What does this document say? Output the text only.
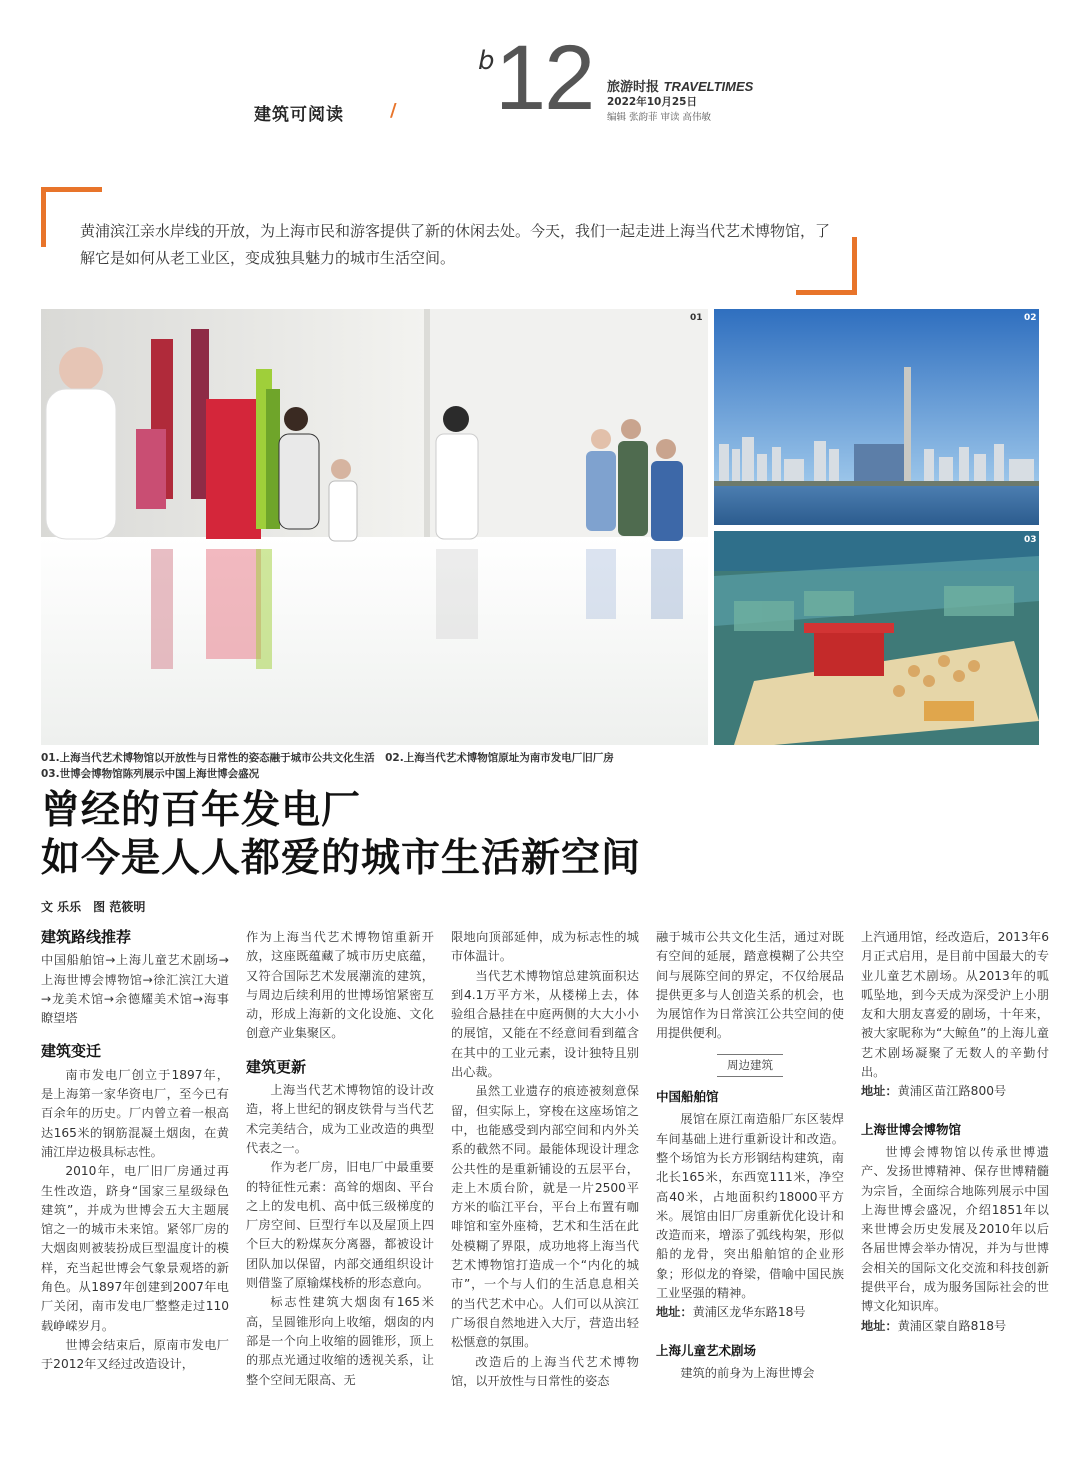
建筑可阅读	/
b 12 旅游时报 TRAVELTIMES
2022年10月25日
编辑 张韵菲 审读 高伟敏
黄浦滨江亲水岸线的开放，为上海市民和游客提供了新的休闲去处。今天，我们一起走进上海当代艺术博物馆，了解它是如何从老工业区，变成独具魅力的城市生活空间。
01	02
03
01.上海当代艺术博物馆以开放性与日常性的姿态融于城市公共文化生活　02.上海当代艺术博物馆原址为南市发电厂旧厂房
03.世博会博物馆陈列展示中国上海世博会盛况
曾经的百年发电厂
如今是人人都爱的城市生活新空间
文 乐乐　图 范筱明
建筑路线推荐

中国船舶馆→上海儿童艺术剧场→上海世博会博物馆→徐汇滨江大道→龙美术馆→余德耀美术馆→海事瞭望塔

建筑变迁

南市发电厂创立于1897年，是上海第一家华资电厂，至今已有百余年的历史。厂内曾立着一根高达165米的钢筋混凝土烟囱，在黄浦江岸边极具标志性。

2010年，电厂旧厂房通过再生性改造，跻身“国家三星级绿色建筑”，并成为世博会五大主题展馆之一的城市未来馆。紧邻厂房的大烟囱则被装扮成巨型温度计的模样，充当起世博会气象景观塔的新角色。从1897年创建到2007年电厂关闭，南市发电厂整整走过110载峥嵘岁月。

世博会结束后，原南市发电厂于2012年又经过改造设计，

作为上海当代艺术博物馆重新开放，这座既蕴藏了城市历史底蕴，又符合国际艺术发展潮流的建筑，与周边后续利用的世博场馆紧密互动，形成上海新的文化设施、文化创意产业集聚区。

建筑更新

上海当代艺术博物馆的设计改造，将上世纪的钢皮铁骨与当代艺术完美结合，成为工业改造的典型代表之一。

作为老厂房，旧电厂中最重要的特征性元素：高耸的烟囱、平台之上的发电机、高中低三级梯度的厂房空间、巨型行车以及屋顶上四个巨大的粉煤灰分离器，都被设计团队加以保留，内部交通组织设计则借鉴了原输煤栈桥的形态意向。

标志性建筑大烟囱有165米高，呈圆锥形向上收缩，烟囱的内部是一个向上收缩的圆锥形，顶上的那点光通过收缩的透视关系，让整个空间无限高、无

限地向顶部延伸，成为标志性的城市体温计。

当代艺术博物馆总建筑面积达到4.1万平方米，从楼梯上去，体验组合悬挂在中庭两侧的大大小小的展馆，又能在不经意间看到蕴含在其中的工业元素，设计独特且别出心裁。

虽然工业遗存的痕迹被刻意保留，但实际上，穿梭在这座场馆之中，也能感受到内部空间和内外关系的截然不同。最能体现设计理念公共性的是重新铺设的五层平台，走上木质台阶，就是一片2500平方米的临江平台，平台上布置有咖啡馆和室外座椅，艺术和生活在此处模糊了界限，成功地将上海当代艺术博物馆打造成一个“内化的城市”，一个与人们的生活息息相关的当代艺术中心。人们可以从滨江广场很自然地进入大厅，营造出轻松惬意的氛围。

改造后的上海当代艺术博物馆，以开放性与日常性的姿态

融于城市公共文化生活，通过对既有空间的延展，踏意模糊了公共空间与展陈空间的界定，不仅给展品提供更多与人创造关系的机会，也为展馆作为日常滨江公共空间的使用提供便利。

周边建筑
中国船舶馆

展馆在原江南造船厂东区装焊车间基础上进行重新设计和改造。整个场馆为长方形钢结构建筑，南北长165米，东西宽111米，净空高40米，占地面积约18000平方米。展馆由旧厂房重新优化设计和改造而来，增添了弧线构架，形似船的龙骨，突出船舶馆的企业形象；形似龙的脊梁，借喻中国民族工业坚强的精神。

地址：黄浦区龙华东路18号

上海儿童艺术剧场

建筑的前身为上海世博会

上汽通用馆，经改造后，2013年6月正式启用，是目前中国最大的专业儿童艺术剧场。从2013年的呱呱坠地，到今天成为深受沪上小朋友和大朋友喜爱的剧场，十年来，被大家昵称为“大鲸鱼”的上海儿童艺术剧场凝聚了无数人的辛勤付出。

地址：黄浦区苗江路800号

上海世博会博物馆

世博会博物馆以传承世博遗产、发扬世博精神、保存世博精髓为宗旨，全面综合地陈列展示中国上海世博会盛况，介绍1851年以来世博会历史发展及2010年以后各届世博会举办情况，并为与世博会相关的国际文化交流和科技创新提供平台，成为服务国际社会的世博文化知识库。

地址：黄浦区蒙自路818号
